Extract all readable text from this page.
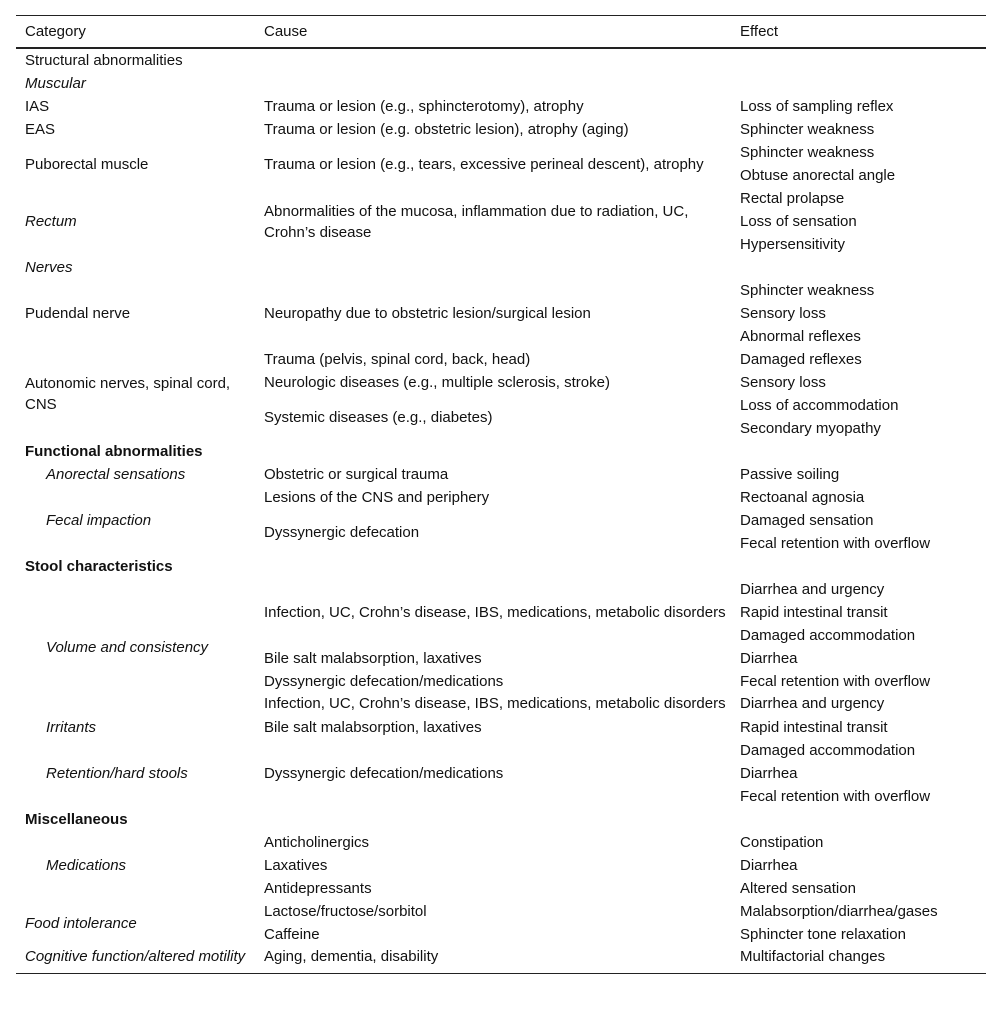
Category	Cause	Effect
Structural abnormalities		
Muscular		
IAS	Trauma or lesion (e.g., sphincterotomy), atrophy	Loss of sampling reflex
EAS	Trauma or lesion (e.g. obstetric lesion), atrophy (aging)	Sphincter weakness
Puborectal muscle	Trauma or lesion (e.g., tears, excessive perineal descent), atrophy	Sphincter weakness
		Obtuse anorectal angle
Rectum	Abnormalities of the mucosa, inflammation due to radiation, UC, Crohn’s disease	Rectal prolapse
		Loss of sensation
		Hypersensitivity
Nerves		
Pudendal nerve	Neuropathy due to obstetric lesion/surgical lesion	Sphincter weakness
		Sensory loss
		Abnormal reflexes
Autonomic nerves, spinal cord, CNS	Trauma (pelvis, spinal cord, back, head)	Damaged reflexes
	Neurologic diseases (e.g., multiple sclerosis, stroke)	Sensory loss
	Systemic diseases (e.g., diabetes)	Loss of accommodation
		Secondary myopathy
Functional abnormalities		
Anorectal sensations	Obstetric or surgical trauma	Passive soiling
	Lesions of the CNS and periphery	Rectoanal agnosia
Fecal impaction	Dyssynergic defecation	Damaged sensation
		Fecal retention with overflow
Stool characteristics		
Volume and consistency	Infection, UC, Crohn’s disease, IBS, medications, metabolic disorders	Diarrhea and urgency
		Rapid intestinal transit
		Damaged accommodation
	Bile salt malabsorption, laxatives	Diarrhea
	Dyssynergic defecation/medications	Fecal retention with overflow
	Infection, UC, Crohn’s disease, IBS, medications, metabolic disorders	Diarrhea and urgency
Irritants	Bile salt malabsorption, laxatives	Rapid intestinal transit
Retention/hard stools	Dyssynergic defecation/medications	Damaged accommodation
		Diarrhea
		Fecal retention with overflow
Miscellaneous		
Medications	Anticholinergics	Constipation
	Laxatives	Diarrhea
	Antidepressants	Altered sensation
Food intolerance	Lactose/fructose/sorbitol	Malabsorption/diarrhea/gases
	Caffeine	Sphincter tone relaxation
Cognitive function/altered motility	Aging, dementia, disability	Multifactorial changes
